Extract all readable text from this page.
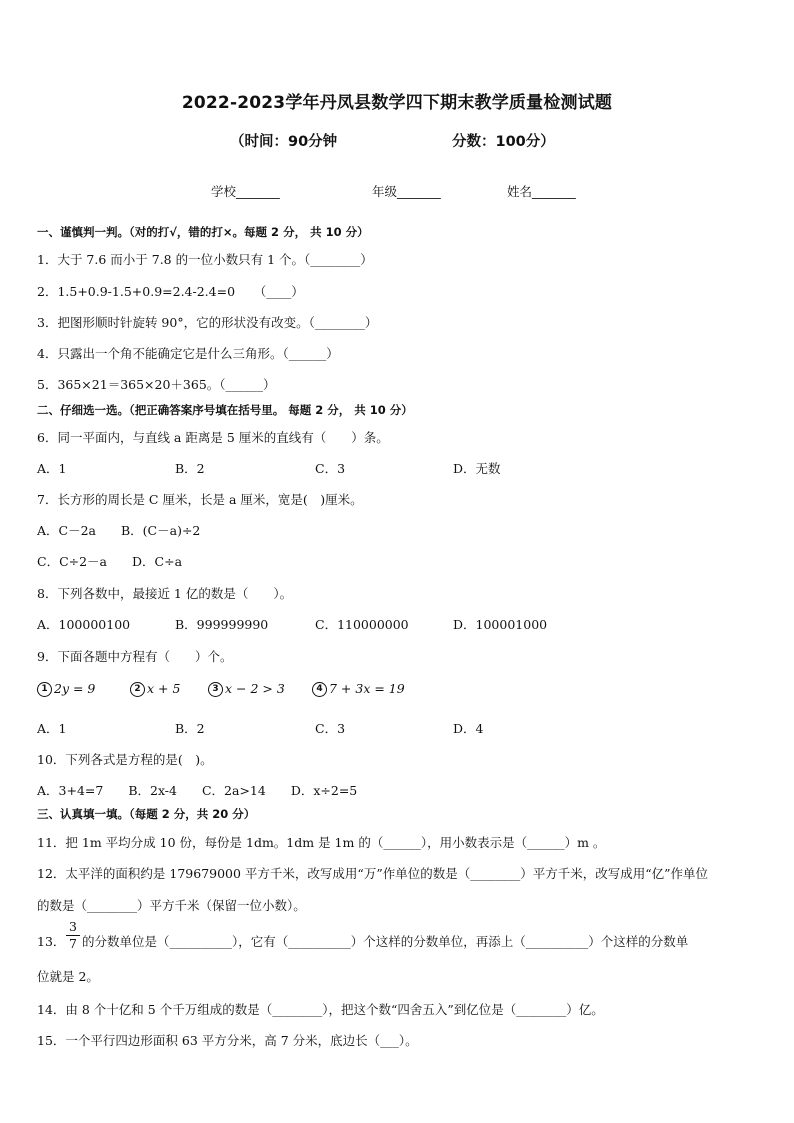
2022-2023学年丹凤县数学四下期末教学质量检测试题
（时间：90分钟	分数：100分）
学校_______	年级_______	姓名_______
一、谨慎判一判。（对的打√，错的打×。每题 2 分， 共 10 分）
1．大于 7.6 而小于 7.8 的一位小数只有 1 个。（________）
2．1.5+0.9-1.5+0.9=2.4-2.4=0　　（____）
3．把图形顺时针旋转 90°，它的形状没有改变。（________）
4．只露出一个角不能确定它是什么三角形。（______）
5．365×21＝365×20＋365。（______）
二、仔细选一选。（把正确答案序号填在括号里。 每题 2 分， 共 10 分）
6．同一平面内，与直线 a 距离是 5 厘米的直线有（　　）条。
A．1	B．2	C．3	D．无数
7．长方形的周长是 C 厘米，长是 a 厘米，宽是(　)厘米。
A．C－2a　　B．(C－a)÷2
C．C÷2－a　　D．C÷a
8．下列各数中，最接近 1 亿的数是（　　）。
A．100000100	B．999999990	C．110000000	D．100001000
9．下面各题中方程有（　　）个。
1 2y = 9	2 x + 5	3 x − 2 > 3	4 7 + 3x = 19
A．1	B．2	C．3	D．4
10．下列各式是方程的是(　)。
A．3+4=7　　B．2x-4　　C．2a>14　　D．x÷2=5
三、认真填一填。（每题 2 分，共 20 分）
11．把 1m 平均分成 10 份，每份是 1dm。1dm 是 1m 的（______），用小数表示是（______）m 。
12．太平洋的面积约是 179679000 平方千米，改写成用“万”作单位的数是（________）平方千米，改写成用“亿”作单位
的数是（________）平方千米（保留一位小数）。
13．
3
7 的分数单位是（__________），它有（__________）个这样的分数单位，再添上（__________）个这样的分数单
位就是 2。
14．由 8 个十亿和 5 个千万组成的数是（________），把这个数“四舍五入”到亿位是（________）亿。
15．一个平行四边形面积 63 平方分米，高 7 分米，底边长（___）。
